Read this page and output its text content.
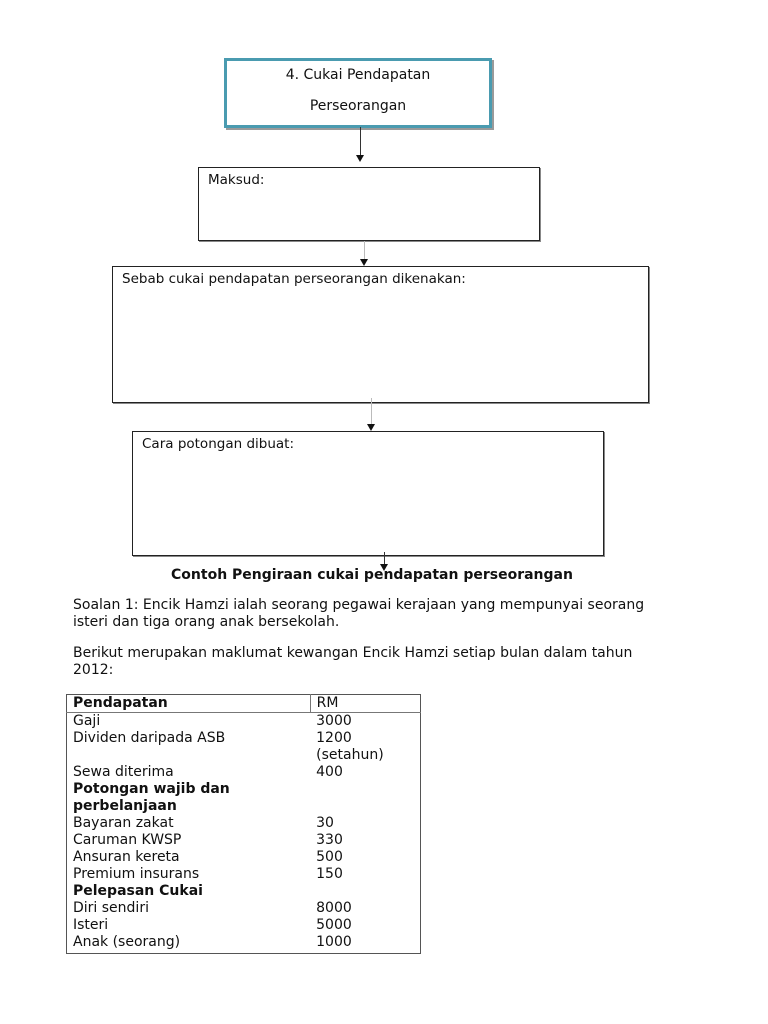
4. Cukai Pendapatan
Perseorangan
Maksud:
Sebab cukai pendapatan perseorangan dikenakan:
Cara potongan dibuat:
Contoh Pengiraan cukai pendapatan perseorangan
Soalan 1: Encik Hamzi ialah seorang pegawai kerajaan yang mempunyai seorang isteri dan tiga orang anak bersekolah.
Berikut merupakan maklumat kewangan Encik Hamzi setiap bulan dalam tahun 2012:
Pendapatan	RM
Gaji	3000
Dividen daripada ASB	1200 (setahun)
Sewa diterima	400
Potongan wajib dan perbelanjaan	
Bayaran zakat	30
Caruman KWSP	330
Ansuran kereta	500
Premium insurans	150
Pelepasan Cukai	
Diri sendiri	8000
Isteri	5000
Anak (seorang)	1000
